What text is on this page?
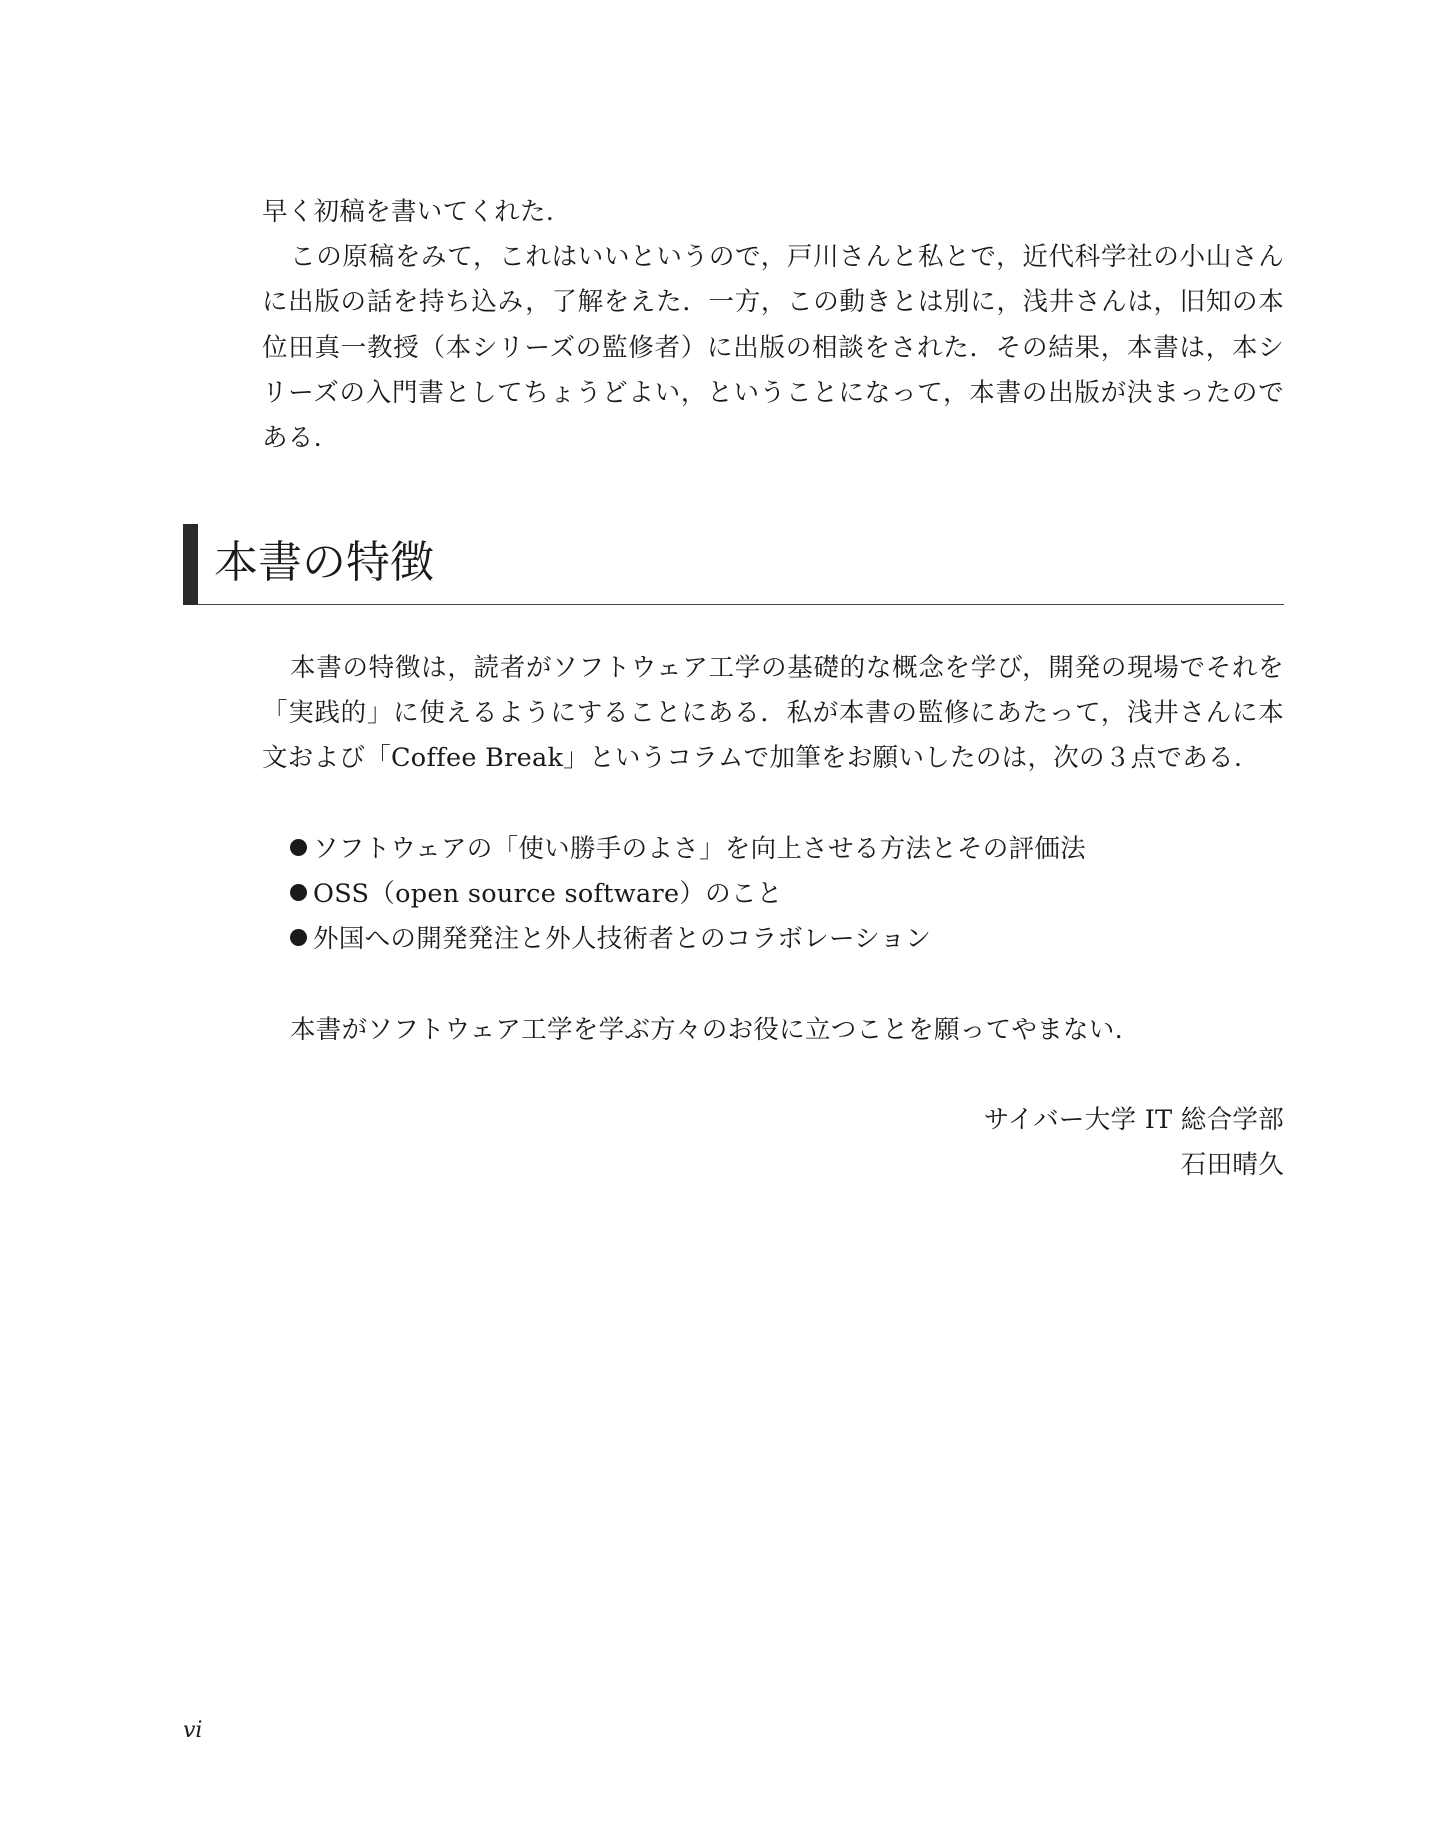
早く初稿を書いてくれた.
この原稿をみて，これはいいというので，戸川さんと私とで，近代科学社の小山さん
に出版の話を持ち込み，了解をえた．一方，この動きとは別に，浅井さんは，旧知の本
位田真一教授（本シリーズの監修者）に出版の相談をされた．その結果，本書は，本シ
リーズの入門書としてちょうどよい，ということになって，本書の出版が決まったので
ある.
本書の特徴
本書の特徴は，読者がソフトウェア工学の基礎的な概念を学び，開発の現場でそれを
「実践的」に使えるようにすることにある．私が本書の監修にあたって，浅井さんに本
文および「Coffee Break」というコラムで加筆をお願いしたのは，次の３点である.
ソフトウェアの「使い勝手のよさ」を向上させる方法とその評価法
OSS（open source software）のこと
外国への開発発注と外人技術者とのコラボレーション
本書がソフトウェア工学を学ぶ方々のお役に立つことを願ってやまない.
サイバー大学 IT 総合学部
石田晴久
vi
